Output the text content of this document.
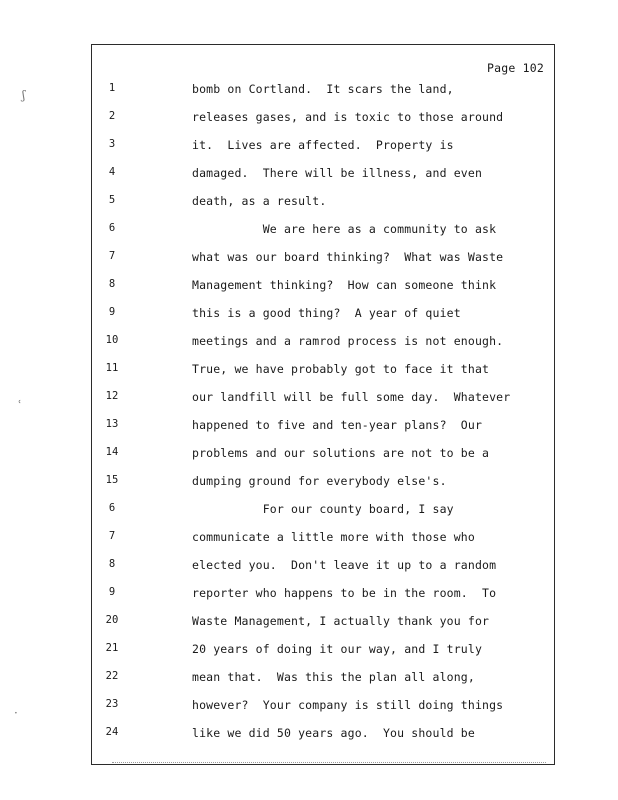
ʃ
ʿ
·
Page 102
1	bomb on Cortland.  It scars the land,
2	releases gases, and is toxic to those around
3	it.  Lives are affected.  Property is
4	damaged.  There will be illness, and even
5	death, as a result.
6	We are here as a community to ask
7	what was our board thinking?  What was Waste
8	Management thinking?  How can someone think
9	this is a good thing?  A year of quiet
10	meetings and a ramrod process is not enough.
11	True, we have probably got to face it that
12	our landfill will be full some day.  Whatever
13	happened to five and ten-year plans?  Our
14	problems and our solutions are not to be a
15	dumping ground for everybody else's.
6	For our county board, I say
7	communicate a little more with those who
8	elected you.  Don't leave it up to a random
9	reporter who happens to be in the room.  To
20	Waste Management, I actually thank you for
21	20 years of doing it our way, and I truly
22	mean that.  Was this the plan all along,
23	however?  Your company is still doing things
24	like we did 50 years ago.  You should be
